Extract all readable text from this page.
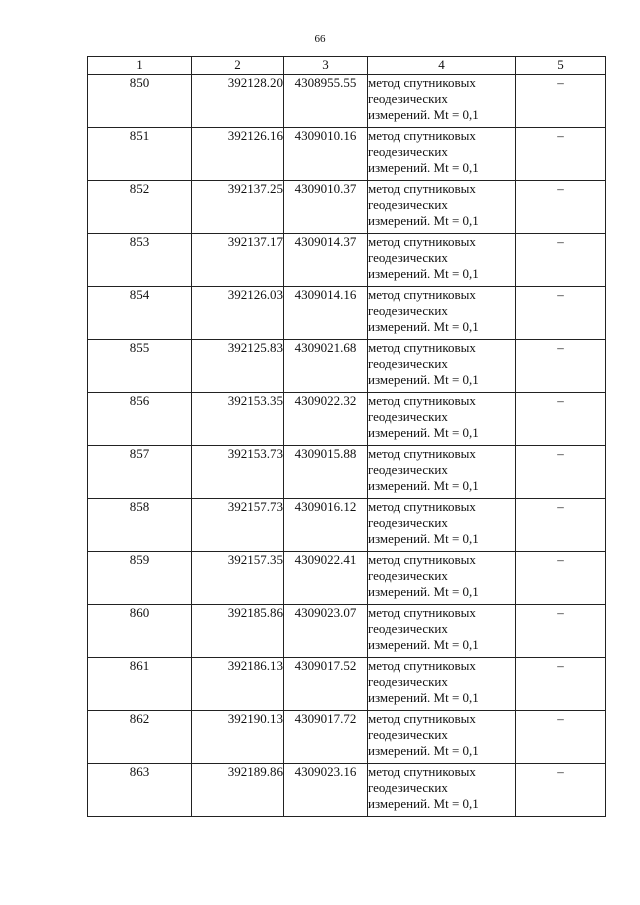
66
1	2	3	4	5
850	392128.20	4308955.55	метод спутниковых
геодезических
измерений. Mt = 0,1	–
851	392126.16	4309010.16	метод спутниковых
геодезических
измерений. Mt = 0,1	–
852	392137.25	4309010.37	метод спутниковых
геодезических
измерений. Mt = 0,1	–
853	392137.17	4309014.37	метод спутниковых
геодезических
измерений. Mt = 0,1	–
854	392126.03	4309014.16	метод спутниковых
геодезических
измерений. Mt = 0,1	–
855	392125.83	4309021.68	метод спутниковых
геодезических
измерений. Mt = 0,1	–
856	392153.35	4309022.32	метод спутниковых
геодезических
измерений. Mt = 0,1	–
857	392153.73	4309015.88	метод спутниковых
геодезических
измерений. Mt = 0,1	–
858	392157.73	4309016.12	метод спутниковых
геодезических
измерений. Mt = 0,1	–
859	392157.35	4309022.41	метод спутниковых
геодезических
измерений. Mt = 0,1	–
860	392185.86	4309023.07	метод спутниковых
геодезических
измерений. Mt = 0,1	–
861	392186.13	4309017.52	метод спутниковых
геодезических
измерений. Mt = 0,1	–
862	392190.13	4309017.72	метод спутниковых
геодезических
измерений. Mt = 0,1	–
863	392189.86	4309023.16	метод спутниковых
геодезических
измерений. Mt = 0,1	–
